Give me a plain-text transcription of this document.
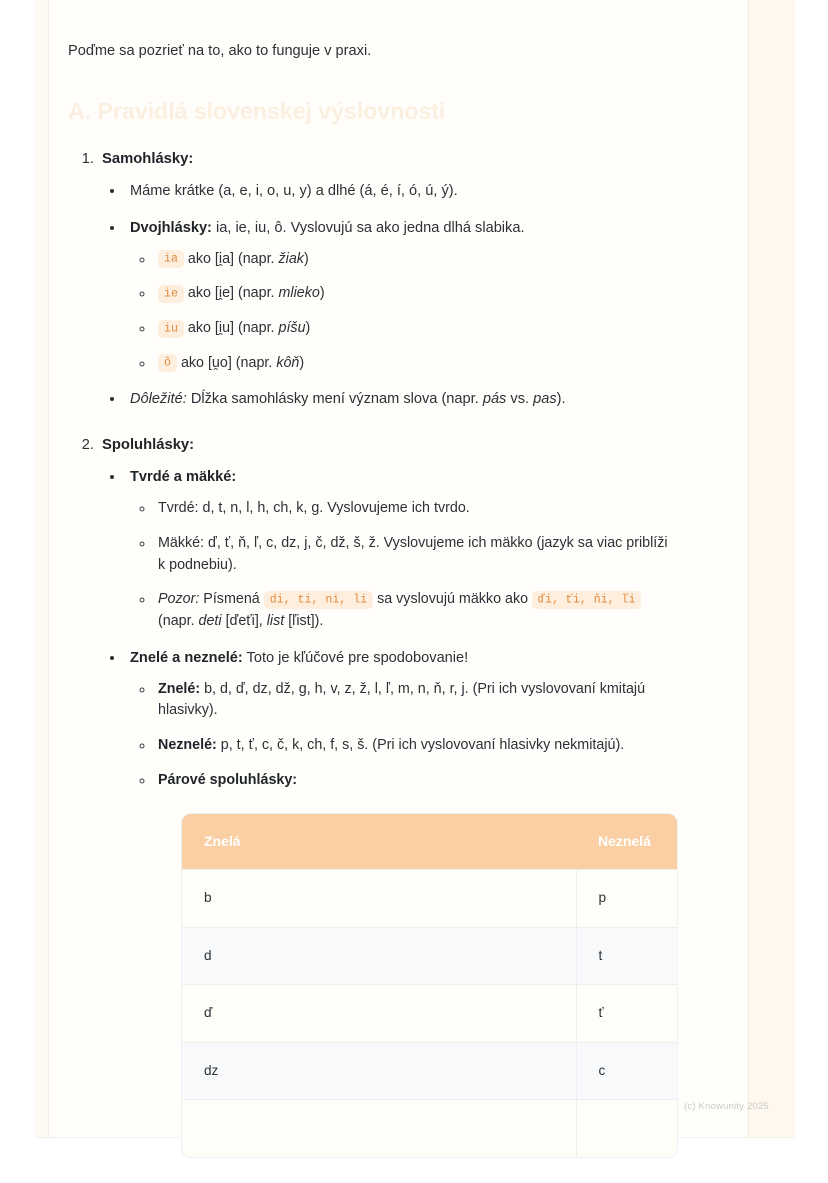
Poďme sa pozrieť na to, ako to funguje v praxi.

A. Pravidlá slovenskej výslovnosti
1. Samohlásky:
• Máme krátke (a, e, i, o, u, y) a dlhé (á, é, í, ó, ú, ý).
• Dvojhlásky: ia, ie, iu, ô. Vyslovujú sa ako jedna dlhá slabika.
◦ ia ako [i̯a] (napr. žiak)
◦ ie ako [i̯e] (napr. mlieko)
◦ iu ako [i̯u] (napr. píšu)
◦ ô ako [u̯o] (napr. kôň)
• Dôležité: Dĺžka samohlásky mení význam slova (napr. pás vs. pas).
2. Spoluhlásky:
• Tvrdé a mäkké:
◦ Tvrdé: d, t, n, l, h, ch, k, g. Vyslovujeme ich tvrdo.
◦ Mäkké: ď, ť, ň, ľ, c, dz, j, č, dž, š, ž. Vyslovujeme ich mäkko (jazyk sa viac priblíži k podnebiu).
◦ Pozor: Písmená di, ti, ni, li sa vyslovujú mäkko ako ďi, ťi, ňi, ľi (napr. deti [ďeťi], list [ľist]).
• Znelé a neznelé: Toto je kľúčové pre spodobovanie!
◦ Znelé: b, d, ď, dz, dž, g, h, v, z, ž, l, ľ, m, n, ň, r, j. (Pri ich vyslovovaní kmitajú hlasivky).
◦ Neznelé: p, t, ť, c, č, k, ch, f, s, š. (Pri ich vyslovovaní hlasivky nekmitajú).
◦ Párové spoluhlásky:
Znelá	Neznelá
b	p
d	t
ď	ť
dz	c

(c) Knowunity 2025
